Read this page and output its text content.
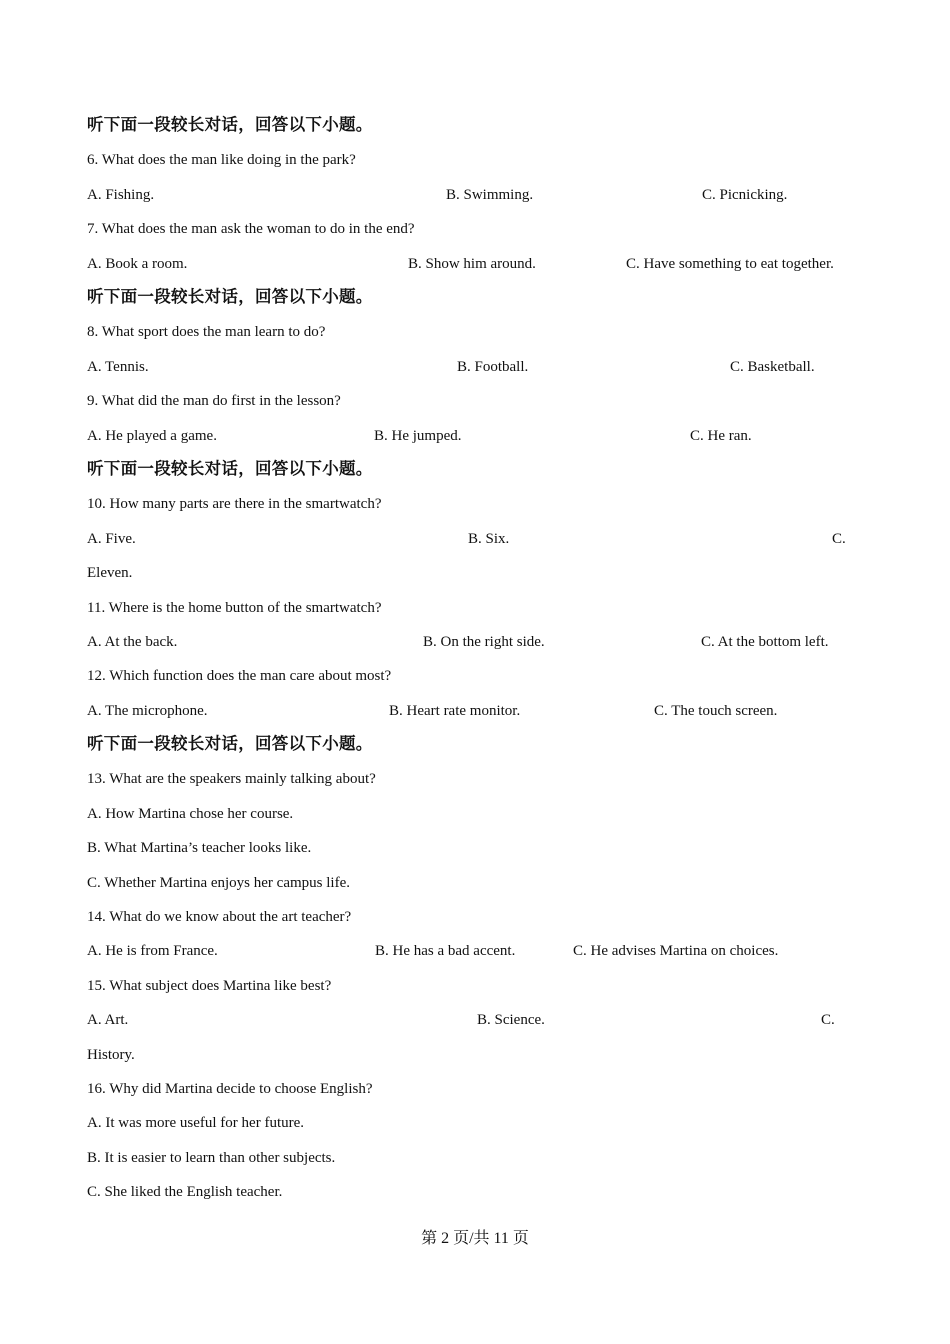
听下面一段较长对话，回答以下小题。
6. What does the man like doing in the park?
A. Fishing.	B. Swimming.	C. Picnicking.
7. What does the man ask the woman to do in the end?
A. Book a room.	B. Show him around.	C. Have something to eat together.
听下面一段较长对话，回答以下小题。
8. What sport does the man learn to do?
A. Tennis.	B. Football.	C. Basketball.
9. What did the man do first in the lesson?
A. He played a game.	B. He jumped.	C. He ran.
听下面一段较长对话，回答以下小题。
10. How many parts are there in the smartwatch?
A. Five.	B. Six.	C.
Eleven.
11. Where is the home button of the smartwatch?
A. At the back.	B. On the right side.	C. At the bottom left.
12. Which function does the man care about most?
A. The microphone.	B. Heart rate monitor.	C. The touch screen.
听下面一段较长对话，回答以下小题。
13. What are the speakers mainly talking about?
A. How Martina chose her course.
B. What Martina’s teacher looks like.
C. Whether Martina enjoys her campus life.
14. What do we know about the art teacher?
A. He is from France.	B. He has a bad accent.	C. He advises Martina on choices.
15. What subject does Martina like best?
A. Art.	B. Science.	C.
History.
16. Why did Martina decide to choose English?
A. It was more useful for her future.
B. It is easier to learn than other subjects.
C. She liked the English teacher.
第 2 页/共 11 页
